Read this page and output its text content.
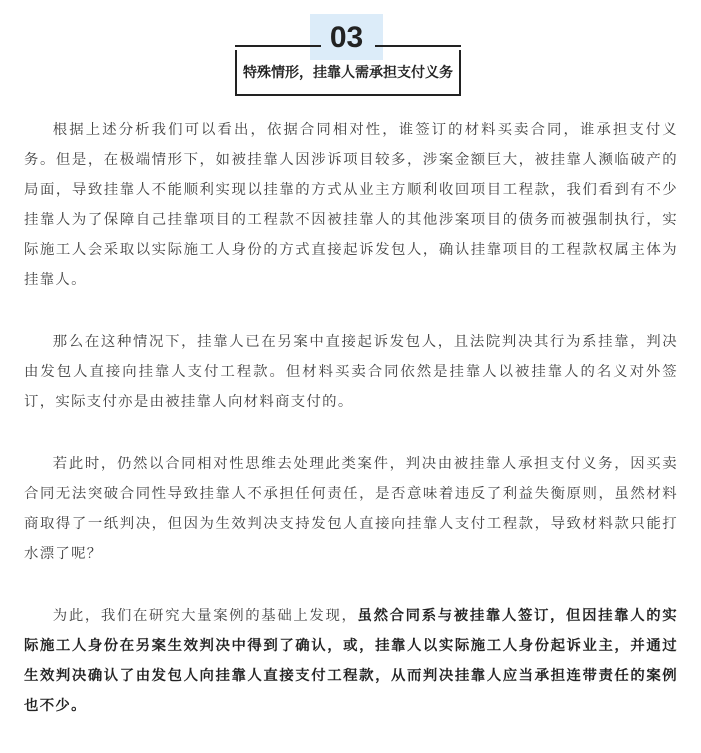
03
特殊情形，挂靠人需承担支付义务

根据上述分析我们可以看出，依据合同相对性，谁签订的材料买卖合同，谁承担支付义务。但是，在极端情形下，如被挂靠人因涉诉项目较多，涉案金额巨大，被挂靠人濒临破产的局面，导致挂靠人不能顺利实现以挂靠的方式从业主方顺利收回项目工程款，我们看到有不少挂靠人为了保障自己挂靠项目的工程款不因被挂靠人的其他涉案项目的债务而被强制执行，实际施工人会采取以实际施工人身份的方式直接起诉发包人，确认挂靠项目的工程款权属主体为挂靠人。

那么在这种情况下，挂靠人已在另案中直接起诉发包人，且法院判决其行为系挂靠，判决由发包人直接向挂靠人支付工程款。但材料买卖合同依然是挂靠人以被挂靠人的名义对外签订，实际支付亦是由被挂靠人向材料商支付的。

若此时，仍然以合同相对性思维去处理此类案件，判决由被挂靠人承担支付义务，因买卖合同无法突破合同性导致挂靠人不承担任何责任，是否意味着违反了利益失衡原则，虽然材料商取得了一纸判决，但因为生效判决支持发包人直接向挂靠人支付工程款，导致材料款只能打水漂了呢？

为此，我们在研究大量案例的基础上发现，虽然合同系与被挂靠人签订，但因挂靠人的实际施工人身份在另案生效判决中得到了确认，或，挂靠人以实际施工人身份起诉业主，并通过生效判决确认了由发包人向挂靠人直接支付工程款，从而判决挂靠人应当承担连带责任的案例也不少。
